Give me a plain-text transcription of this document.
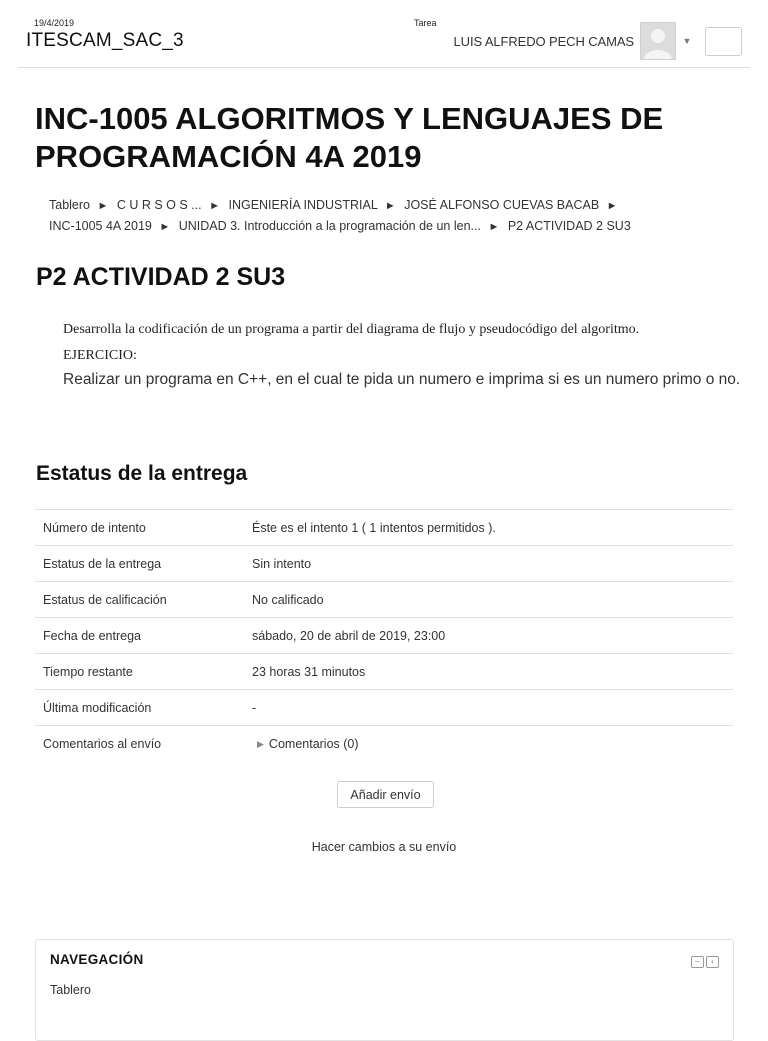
19/4/2019	Tarea
ITESCAM_SAC_3	LUIS ALFREDO PECH CAMAS	▼
INC-1005 ALGORITMOS Y LENGUAJES DE PROGRAMACIÓN 4A 2019
Tablero ► C U R S O S ... ► INGENIERÍA INDUSTRIAL ► JOSÉ ALFONSO CUEVAS BACAB ►
INC-1005 4A 2019 ► UNIDAD 3. Introducción a la programación de un len... ► P2 ACTIVIDAD 2 SU3
P2 ACTIVIDAD 2 SU3

Desarrolla la codificación de un programa a partir del diagrama de flujo y pseudocódigo del algoritmo.

EJERCICIO:
Realizar un programa en C++, en el cual te pida un numero e imprima si es un numero primo o no.
Estatus de la entrega
Número de intento	Éste es el intento 1 ( 1 intentos permitidos ).
Estatus de la entrega	Sin intento
Estatus de calificación	No calificado
Fecha de entrega	sábado, 20 de abril de 2019, 23:00
Tiempo restante	23 horas 31 minutos
Última modificación	-
Comentarios al envío	▶ Comentarios (0)
Añadir envío
Hacer cambios a su envío
NAVEGACIÓN	–	‹
Tablero
